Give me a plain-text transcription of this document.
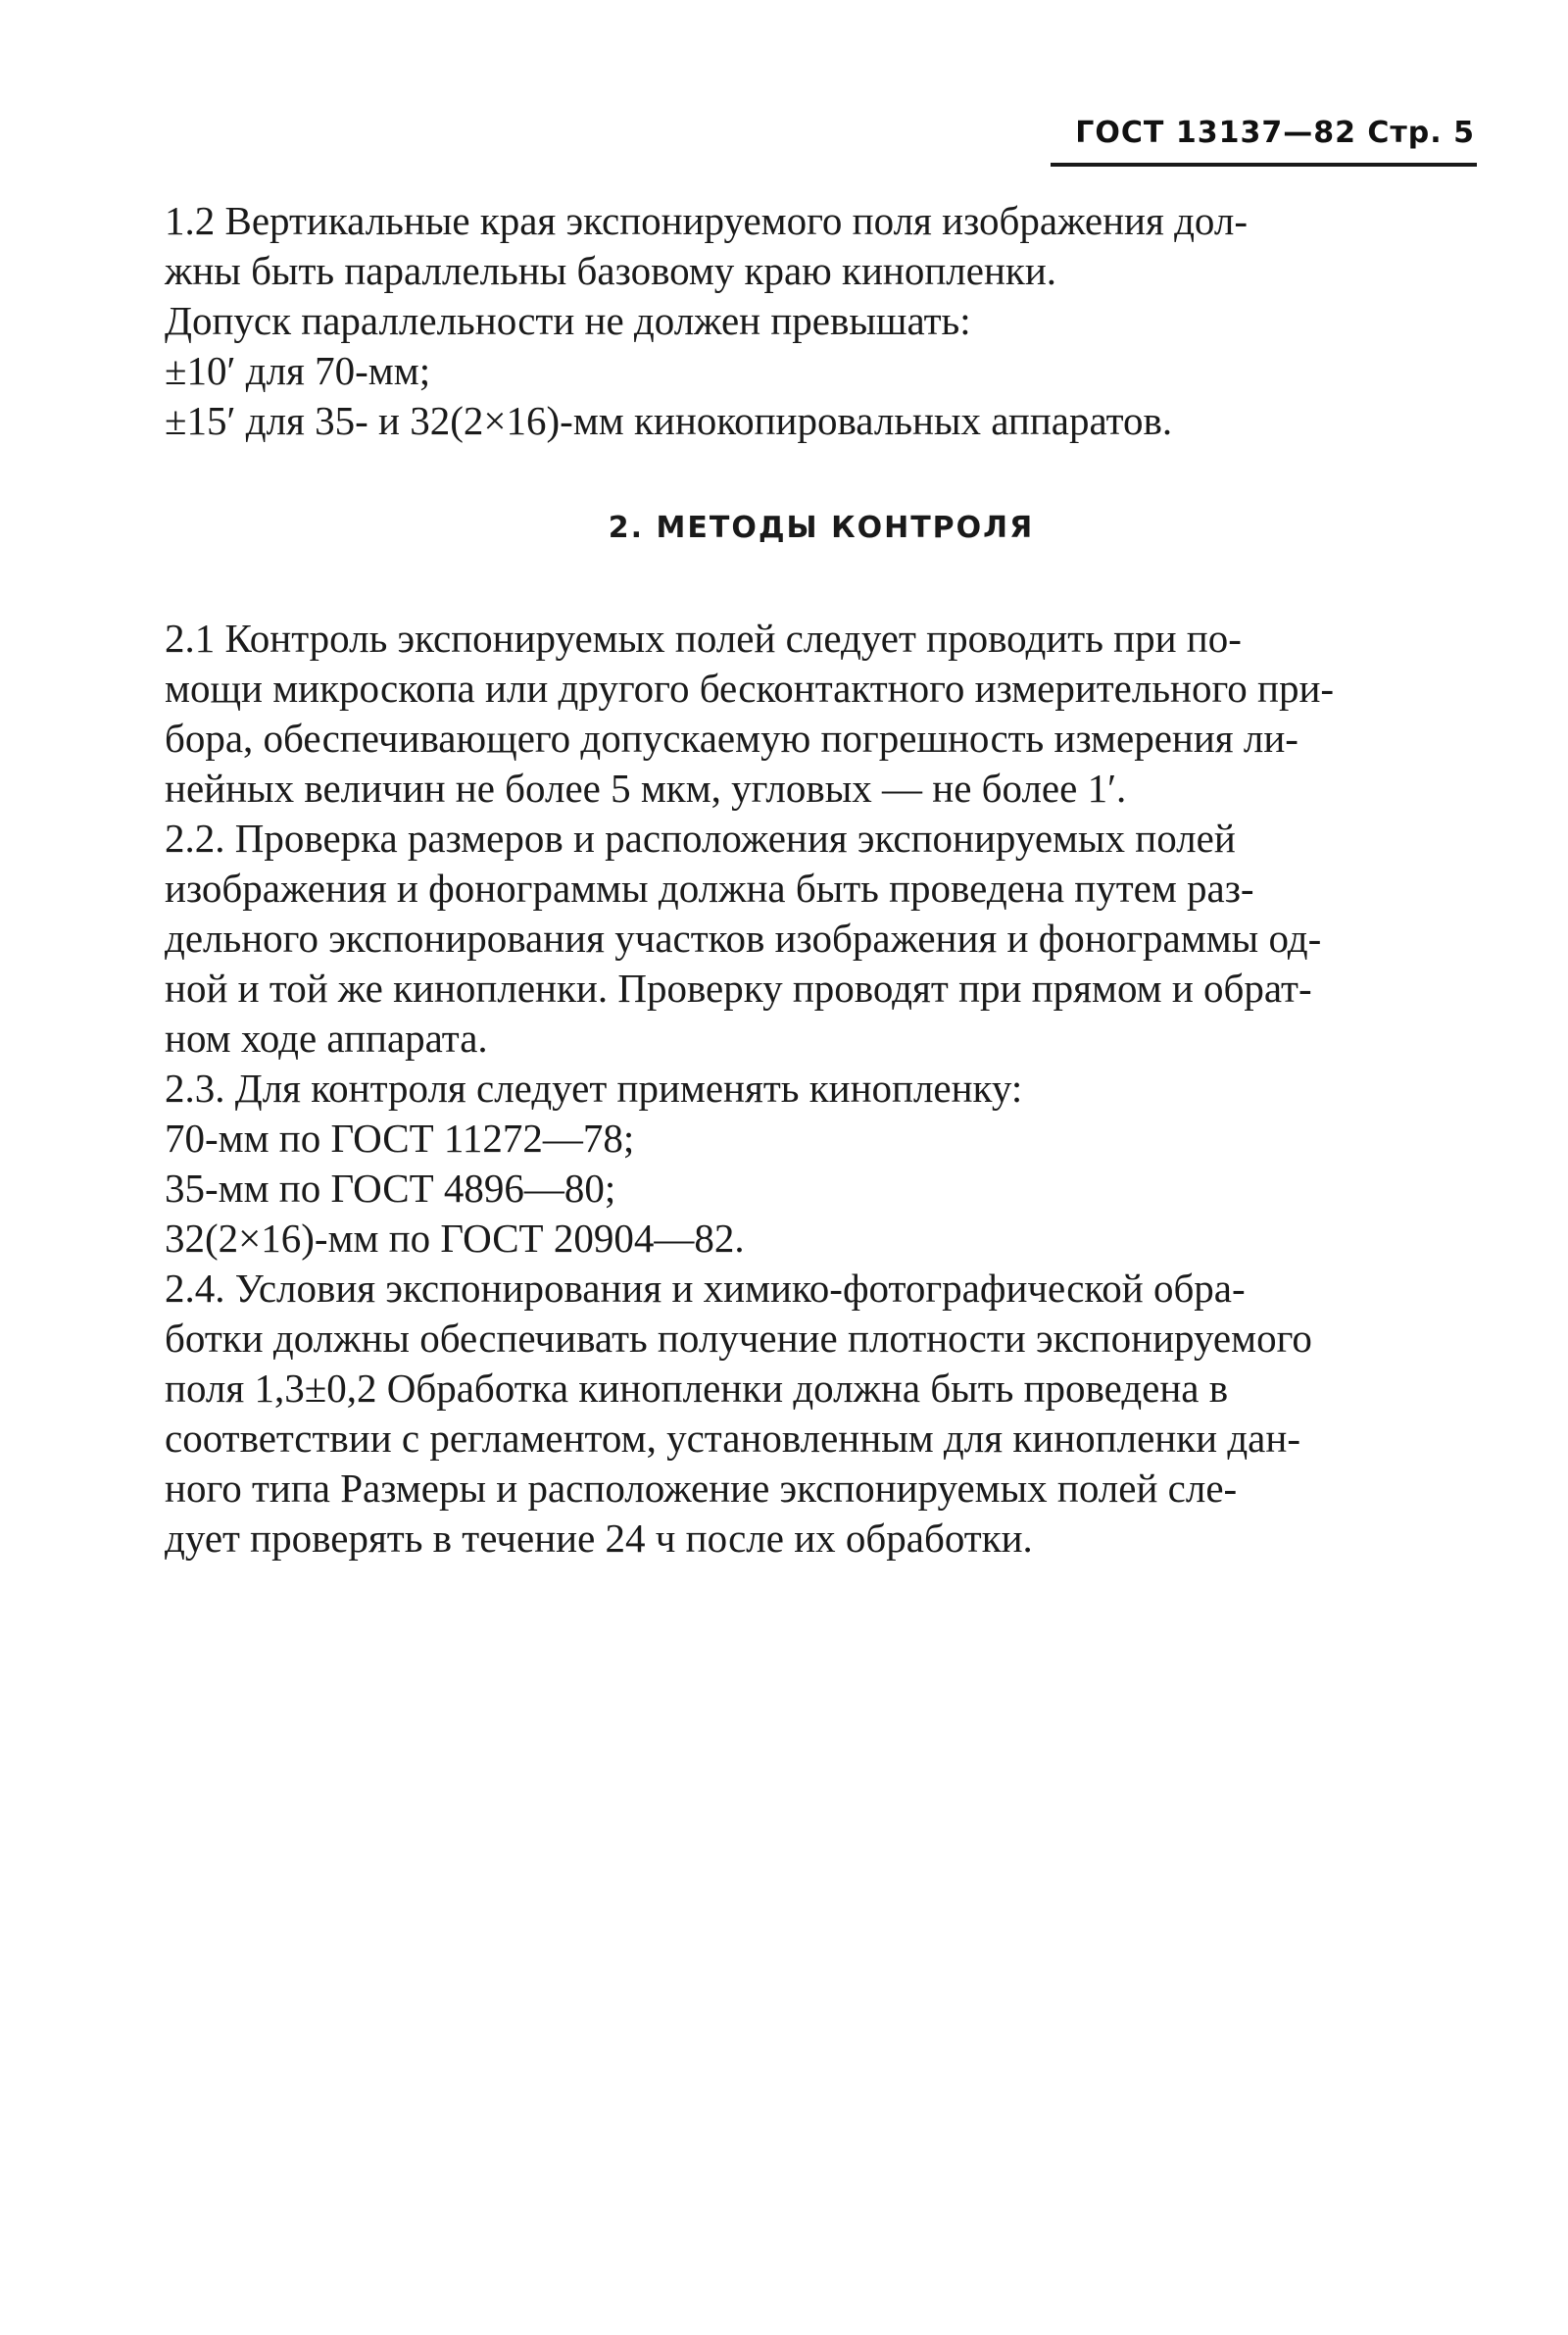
ГОСТ 13137—82 Стр. 5
1.2 Вертикальные края экспонируемого поля изображения дол-
жны быть параллельны базовому краю кинопленки.
Допуск параллельности не должен превышать:
±10′ для 70-мм;
±15′ для 35- и 32(2×16)-мм кинокопировальных аппаратов.
2. МЕТОДЫ КОНТРОЛЯ
2.1 Контроль экспонируемых полей следует проводить при по-
мощи микроскопа или другого бесконтактного измерительного при-
бора, обеспечивающего допускаемую погрешность измерения ли-
нейных величин не более 5 мкм, угловых — не более 1′.
2.2. Проверка размеров и расположения экспонируемых полей
изображения и фонограммы должна быть проведена путем раз-
дельного экспонирования участков изображения и фонограммы од-
ной и той же кинопленки. Проверку проводят при прямом и обрат-
ном ходе аппарата.
2.3. Для контроля следует применять кинопленку:
70-мм по ГОСТ 11272—78;
35-мм по ГОСТ 4896—80;
32(2×16)-мм по ГОСТ 20904—82.
2.4. Условия экспонирования и химико-фотографической обра-
ботки должны обеспечивать получение плотности экспонируемого
поля 1,3±0,2 Обработка кинопленки должна быть проведена в
соответствии с регламентом, установленным для кинопленки дан-
ного типа Размеры и расположение экспонируемых полей сле-
дует проверять в течение 24 ч после их обработки.
